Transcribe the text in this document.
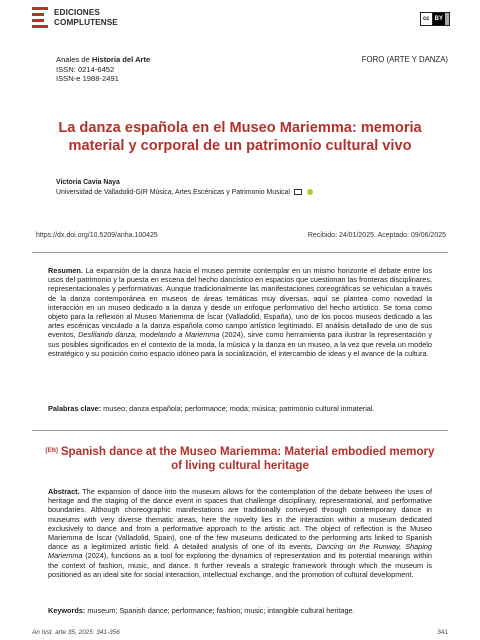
EDICIONES
COMPLUTENSE	cc BY
Anales de Historia del Arte
ISSN: 0214-6452
ISSN-e 1988-2491
FORO (ARTE Y DANZA)
La danza española en el Museo Mariemma: memoria material y corporal de un patrimonio cultural vivo
Victoria Cavia Naya
Universidad de Valladolid-GIR Música, Artes Escénicas y Patrimonio Musical
https://dx.doi.org/10.5209/anha.100425	Recibido: 24/01/2025. Aceptado: 09/06/2025
Resumen. La expansión de la danza hacia el museo permite contemplar en un mismo horizonte el debate entre los usos del patrimonio y la puesta en escena del hecho dancístico en espacios que cuestionan las fronteras disciplinares, representacionales y performativas. Aunque tradicionalmente las manifestaciones coreográficas se vehiculan a través de la danza contemporánea en museos de áreas temáticas muy diversas, aquí se plantea como novedad la interacción en un museo dedicado a la danza y desde un enfoque performativo del hecho artístico. Se toma como objeto para la reflexión al Museo Mariemma de Íscar (Valladolid, España), uno de los pocos museos dedicado a las artes escénicas vinculado a la danza española como campo artístico legitimado. El análisis detallado de uno de sus eventos, Desfilando danza, modelando a Mariemma (2024), sirve como herramienta para ilustrar la representación y sus posibles significados en el contexto de la moda, la música y la danza en un museo, a la vez que revela un modelo estratégico y su posición como espacio idóneo para la socialización, el intercambio de ideas y el avance de la cultura.
Palabras clave: museo; danza española; performance; moda; música; patrimonio cultural inmaterial.
[EN] Spanish dance at the Museo Mariemma: Material embodied memory of living cultural heritage
Abstract. The expansion of dance into the museum allows for the contemplation of the debate between the uses of heritage and the staging of the dance event in spaces that challenge disciplinary, representational, and performative boundaries. Although choreographic manifestations are traditionally conveyed through contemporary dance in museums with very diverse thematic areas, here the novelty lies in the interaction within a museum dedicated exclusively to dance and from a performative approach to the artistic act. The object of reflection is the Museo Mariemma de Íscar (Valladolid, Spain), one of the few museums dedicated to the performing arts linked to Spanish dance as a legitimized artistic field. A detailed analysis of one of its events, Dancing on the Runway, Shaping Mariemma (2024), functions as a tool for exploring the dynamics of representation and its potential meanings within the context of fashion, music, and dance. It further reveals a strategic framework through which the museum is positioned as an ideal site for social interaction, intellectual exchange, and the promotion of cultural development.
Keywords: museum; Spanish dance; performance; fashion; music; intangible cultural heritage.
An hist. arte 35, 2025: 341-356	341
